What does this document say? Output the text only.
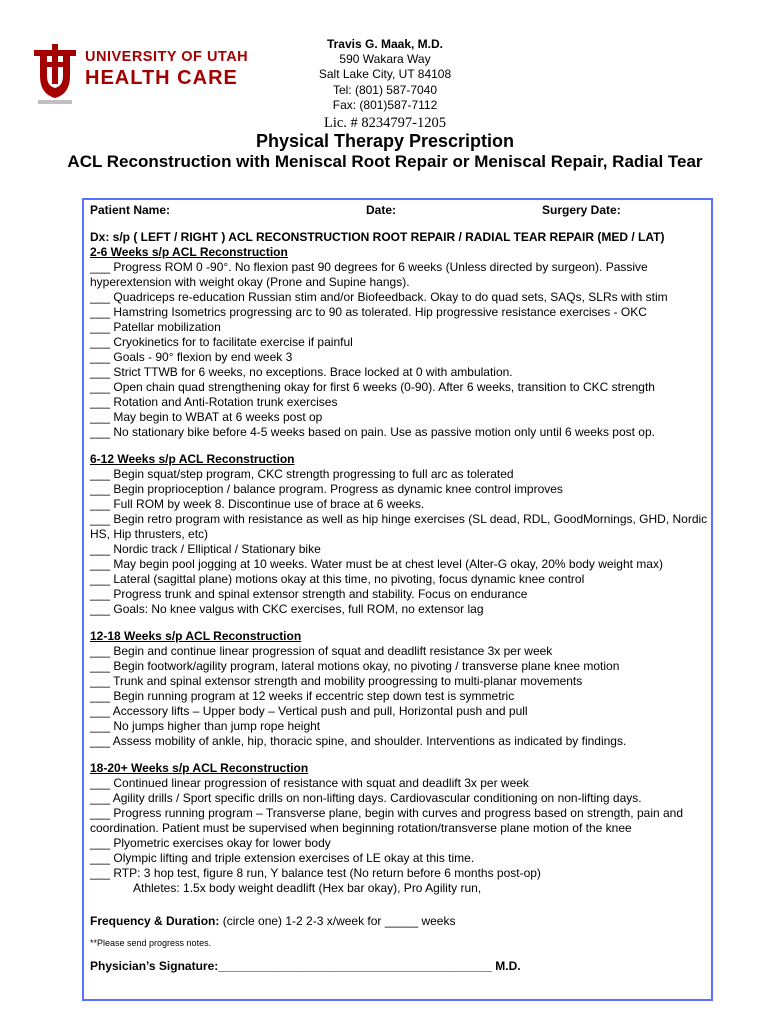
UNIVERSITY OF UTAH
HEALTH CARE
Travis G. Maak, M.D.
590 Wakara Way
Salt Lake City, UT 84108
Tel: (801) 587-7040
Fax: (801)587-7112
Lic. # 8234797-1205
Physical Therapy Prescription
ACL Reconstruction with Meniscal Root Repair or Meniscal Repair, Radial Tear
Patient Name:	Date:	Surgery Date:

Dx: s/p ( LEFT / RIGHT ) ACL RECONSTRUCTION ROOT REPAIR / RADIAL TEAR REPAIR (MED / LAT)

2-6 Weeks s/p ACL Reconstruction

___ Progress ROM 0 -90°. No flexion past 90 degrees for 6 weeks (Unless directed by surgeon). Passive hyperextension with weight okay (Prone and Supine hangs).

___ Quadriceps re-education Russian stim and/or Biofeedback. Okay to do quad sets, SAQs, SLRs with stim

___ Hamstring Isometrics progressing arc to 90 as tolerated. Hip progressive resistance exercises - OKC

___ Patellar mobilization

___ Cryokinetics for to facilitate exercise if painful

___ Goals - 90° flexion by end week 3

___ Strict TTWB for 6 weeks, no exceptions. Brace locked at 0 with ambulation.

___ Open chain quad strengthening okay for first 6 weeks (0-90). After 6 weeks, transition to CKC strength

___ Rotation and Anti-Rotation trunk exercises

___ May begin to WBAT at 6 weeks post op

___ No stationary bike before 4-5 weeks based on pain. Use as passive motion only until 6 weeks post op.

6-12 Weeks s/p ACL Reconstruction

___ Begin squat/step program, CKC strength progressing to full arc as tolerated

___ Begin proprioception / balance program. Progress as dynamic knee control improves

___ Full ROM by week 8. Discontinue use of brace at 6 weeks.

___ Begin retro program with resistance as well as hip hinge exercises (SL dead, RDL, GoodMornings, GHD, Nordic HS, Hip thrusters, etc)

___ Nordic track / Elliptical / Stationary bike

___ May begin pool jogging at 10 weeks. Water must be at chest level (Alter-G okay, 20% body weight max)

___ Lateral (sagittal plane) motions okay at this time, no pivoting, focus dynamic knee control

___ Progress trunk and spinal extensor strength and stability. Focus on endurance

___ Goals: No knee valgus with CKC exercises, full ROM, no extensor lag

12-18 Weeks s/p ACL Reconstruction

___ Begin and continue linear progression of squat and deadlift resistance 3x per week

___ Begin footwork/agility program, lateral motions okay, no pivoting / transverse plane knee motion

___ Trunk and spinal extensor strength and mobility proogressing to multi-planar movements

___ Begin running program at 12 weeks if eccentric step down test is symmetric

___ Accessory lifts – Upper body – Vertical push and pull, Horizontal push and pull

___ No jumps higher than jump rope height

___ Assess mobility of ankle, hip, thoracic spine, and shoulder. Interventions as indicated by findings.

18-20+ Weeks s/p ACL Reconstruction

___ Continued linear progression of resistance with squat and deadlift 3x per week

___ Agility drills / Sport specific drills on non-lifting days. Cardiovascular conditioning on non-lifting days.

___ Progress running program – Transverse plane, begin with curves and progress based on strength, pain and coordination. Patient must be supervised when beginning rotation/transverse plane motion of the knee

___ Plyometric exercises okay for lower body

___ Olympic lifting and triple extension exercises of LE okay at this time.

___ RTP: 3 hop test, figure 8 run, Y balance test (No return before 6 months post-op)

Athletes: 1.5x body weight deadlift (Hex bar okay), Pro Agility run,

Frequency & Duration: (circle one) 1-2 2-3 x/week for _____ weeks

**Please send progress notes.

Physician’s Signature:_________________________________________ M.D.
